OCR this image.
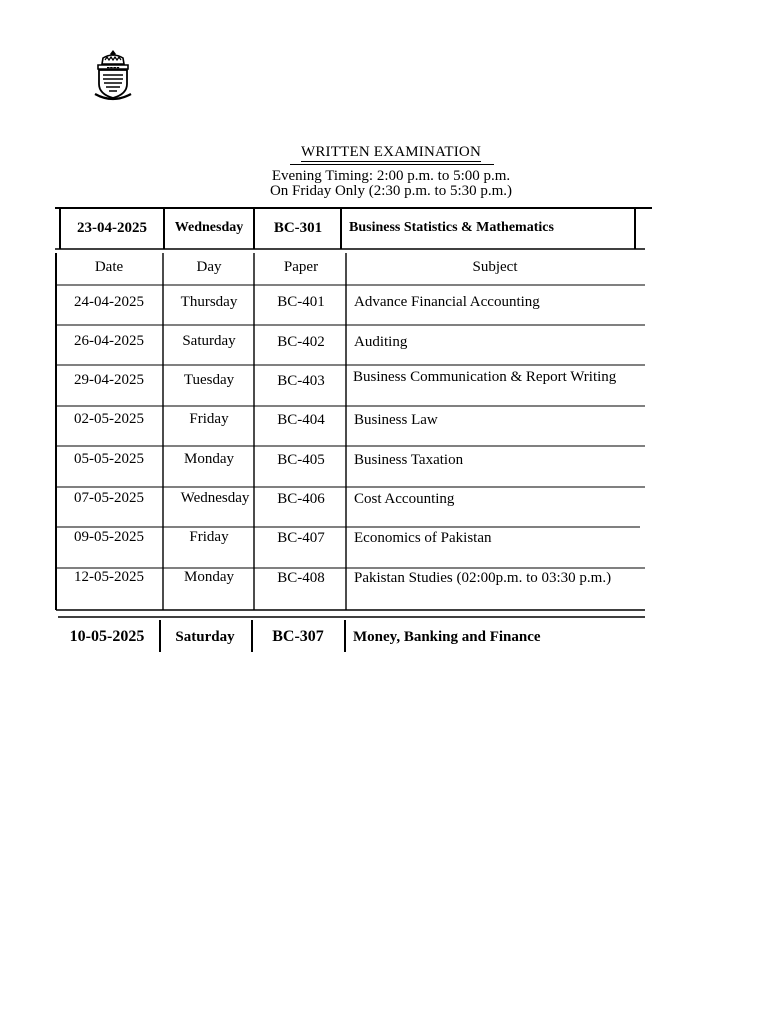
▬▬▬▬
WRITTEN EXAMINATION
Evening Timing: 2:00 p.m. to 5:00 p.m.
On Friday Only (2:30 p.m. to 5:30 p.m.)
23-04-2025	Wednesday	BC-301	Business Statistics & Mathematics
Date	Day	Paper	Subject
24-04-2025	Thursday	BC-401	Advance Financial Accounting
26-04-2025	Saturday	BC-402	Auditing
29-04-2025	Tuesday	BC-403	Business Communication & Report Writing
02-05-2025	Friday	BC-404	Business Law
05-05-2025	Monday	BC-405	Business Taxation
07-05-2025	Wednesday	BC-406	Cost Accounting
09-05-2025	Friday	BC-407	Economics of Pakistan
12-05-2025	Monday	BC-408	Pakistan Studies (02:00p.m. to 03:30 p.m.)
10-05-2025	Saturday	BC-307	Money, Banking and Finance
